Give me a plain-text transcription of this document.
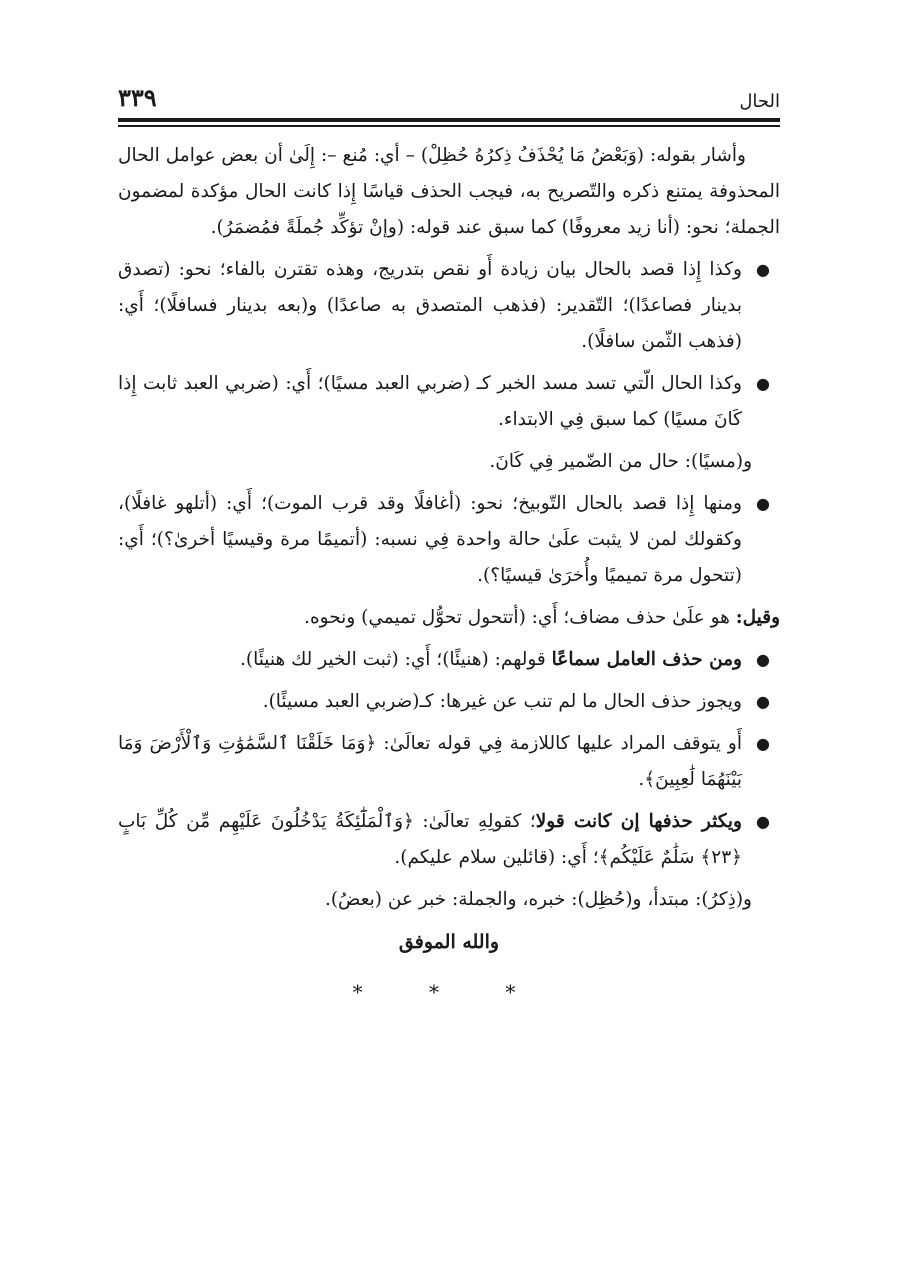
٣٣٩	الحال

وأشار بقوله: (وَبَعْضُ مَا يُحْذَفُ ذِكرُهُ حُظِلْ) – أي: مُنع –: إِلَىٰ أن بعض عوامل الحال المحذوفة يمتنع ذكره والتّصريح به، فيجب الحذف قياسًا إِذا كانت الحال مؤكدة لمضمون الجملة؛ نحو: (أنا زيد معروفًا) كما سبق عند قوله: (وإنْ تؤكِّد جُملَةً فمُضمَرُ).

●
وكذا إِذا قصد بالحال بيان زيادة أَو نقص بتدريج، وهذه تقترن بالفاء؛ نحو: (تصدق بدينار فصاعدًا)؛ التّقدير: (فذهب المتصدق به صاعدًا) و(بعه بدينار فسافلًا)؛ أَي: (فذهب الثّمن سافلًا).
●
وكذا الحال الّتي تسد مسد الخبر كـ (ضربي العبد مسيًا)؛ أَي: (ضربي العبد ثابت إِذا كَانَ مسيًا) كما سبق فِي الابتداء.

و(مسيًا): حال من الضّمير فِي كَانَ.

●
ومنها إِذا قصد بالحال التّوبيخ؛ نحو: (أغافلًا وقد قرب الموت)؛ أَي: (أتلهو غافلًا)، وكقولك لمن لا يثبت علَىٰ حالة واحدة فِي نسبه: (أتميمًا مرة وقيسيًا أخرىٰ؟)؛ أَي: (تتحول مرة تميميًا وأُخرَىٰ قيسيًا؟).

وقيل: هو علَىٰ حذف مضاف؛ أَي: (أتتحول تحوُّل تميمي) ونحوه.

●
ومن حذف العامل سماعًا قولهم: (هنيئًا)؛ أَي: (ثبت الخير لك هنيئًا).
●
ويجوز حذف الحال ما لم تنب عن غيرها: كـ(ضربي العبد مسيئًا).
●
أَو يتوقف المراد عليها كاللازمة فِي قوله تعالَىٰ: ﴿وَمَا خَلَقْنَا ٱلسَّمَٰوَٰتِ وَٱلْأَرْضَ وَمَا بَيْنَهُمَا لَٰعِبِينَ﴾.
●
ويكثر حذفها إن كانت قولا؛ كقولِهِ تعالَىٰ: ﴿وَٱلْمَلَٰٓئِكَةُ يَدْخُلُونَ عَلَيْهِم مِّن كُلِّ بَابٍ ﴿٢٣﴾ سَلَٰمٌ عَلَيْكُم﴾؛ أَي: (قائلين سلام عليكم).

و(ذِكرُ): مبتدأ، و(حُظِل): خبره، والجملة: خبر عن (بعضُ).

والله الموفق
* * *
